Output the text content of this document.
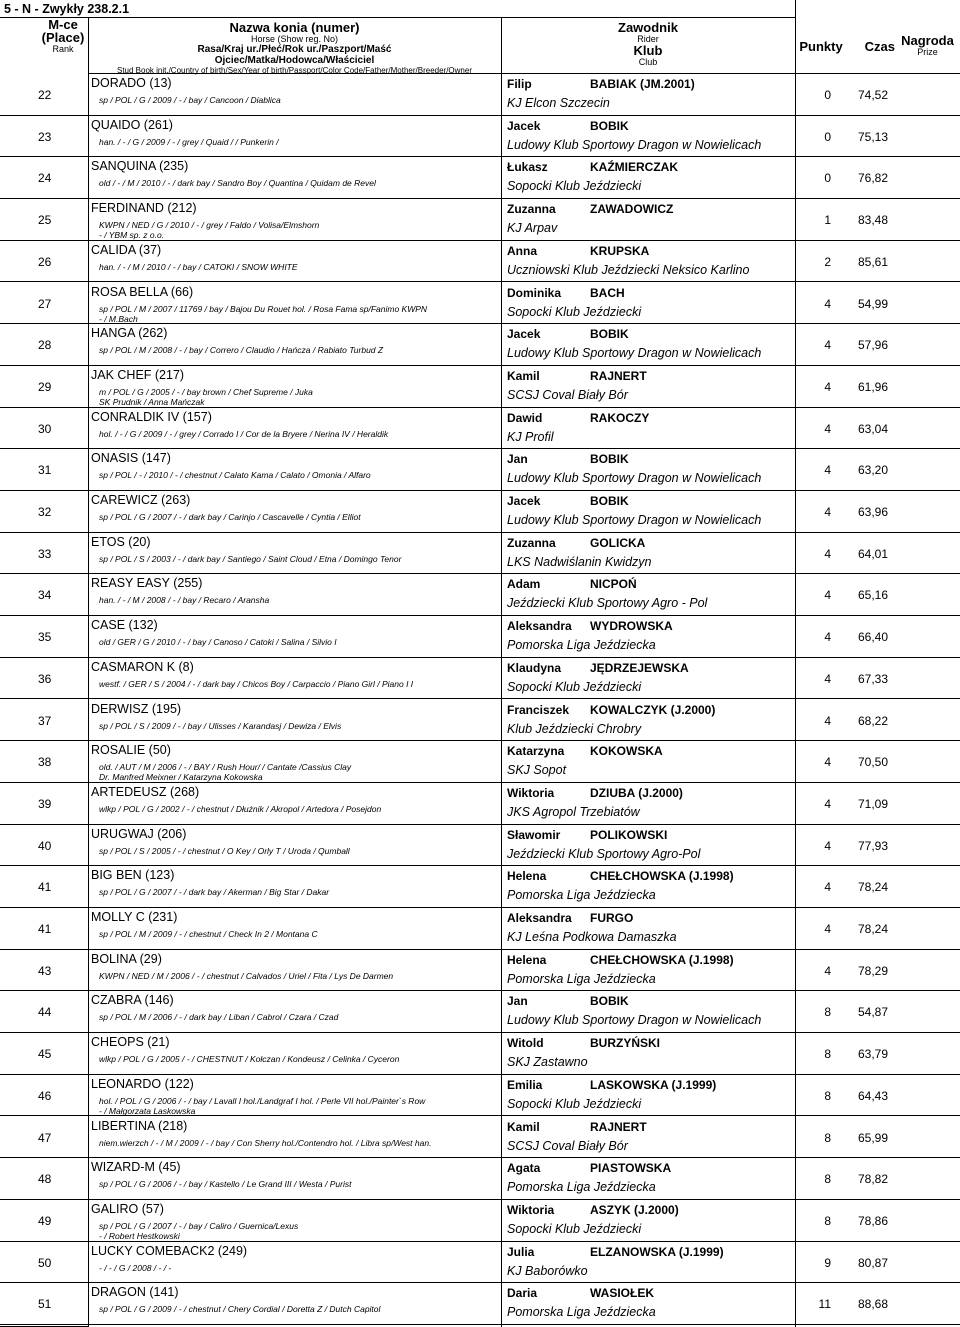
5 - N - Zwykły 238.2.1
M-ce (Place)
Rank
Nazwa konia (numer)
Horse (Show reg. No)
Rasa/Kraj ur./Płeć/Rok ur./Paszport/Maść
Ojciec/Matka/Hodowca/Właściciel
Stud Book init./Country of birth/Sex/Year of birth/Passport/Color Code/Father/Mother/Breeder/Owner
Zawodnik
Rider
Klub
Club
Punkty	Czas Nagroda
Prize
22
DORADO (13)
sp / POL / G / 2009 / - / bay / Cancoon / Diablica
Filip	BABIAK (JM.2001)
KJ Elcon Szczecin
0	74,52
23
QUAIDO (261)
han. / - / G / 2009 / - / grey / Quaid / / Punkerin /
Jacek	BOBIK
Ludowy Klub Sportowy Dragon w Nowielicach
0	75,13
24
SANQUINA (235)
old / - / M / 2010 / - / dark bay / Sandro Boy / Quantina / Quidam de Revel
Łukasz	KAŹMIERCZAK
Sopocki Klub Jeździecki
0	76,82
25
FERDINAND (212)
KWPN / NED / G / 2010 / - / grey / Faldo / Volisa/Elmshorn
- / YBM sp. z o.o.
Zuzanna	ZAWADOWICZ
KJ Arpav
1	83,48
26
CALIDA (37)
han. / - / M / 2010 / - / bay / CATOKI / SNOW WHITE
Anna	KRUPSKA
Uczniowski Klub Jeździecki Neksico Karlino
2	85,61
27
ROSA BELLA (66)
sp / POL / M / 2007 / 11769 / bay / Bajou Du Rouet hol. / Rosa Fama sp/Fanimo KWPN
- / M.Bach
Dominika BACH
Sopocki Klub Jeździecki
4	54,99
28
HANGA (262)
sp / POL / M / 2008 / - / bay / Correro / Claudio / Hańcza / Rabiato Turbud Z
Jacek	BOBIK
Ludowy Klub Sportowy Dragon w Nowielicach
4	57,96
29
JAK CHEF (217)
m / POL / G / 2005 / - / bay brown / Chef Supreme / Juka
SK Prudnik / Anna Mańczak
Kamil	RAJNERT
SCSJ Coval Biały Bór
4	61,96
30
CONRALDIK IV (157)
hol. / - / G / 2009 / - / grey / Corrado I / Cor de la Bryere / Nerina IV / Heraldik
Dawid	RAKOCZY
KJ Profil
4	63,04
31
ONASIS (147)
sp / POL / - / 2010 / - / chestnut / Calato Kama / Calato / Omonia / Alfaro
Jan	BOBIK
Ludowy Klub Sportowy Dragon w Nowielicach
4	63,20
32
CAREWICZ (263)
sp / POL / G / 2007 / - / dark bay / Carinjo / Cascavelle / Cyntia / Elliot
Jacek	BOBIK
Ludowy Klub Sportowy Dragon w Nowielicach
4	63,96
33
ETOS (20)
sp / POL / S / 2003 / - / dark bay / Santiego / Saint Cloud / Etna / Domingo Tenor
Zuzanna	GOLICKA
LKS Nadwiślanin Kwidzyn
4	64,01
34
REASY EASY (255)
han. / - / M / 2008 / - / bay / Recaro / Aransha
Adam	NICPOŃ
Jeździecki Klub Sportowy Agro - Pol
4	65,16
35
CASE (132)
old / GER / G / 2010 / - / bay / Canoso / Catoki / Salina / Silvio I
Aleksandra WYDROWSKA
Pomorska Liga Jeździecka
4	66,40
36
CASMARON K (8)
westf. / GER / S / 2004 / - / dark bay / Chicos Boy / Carpaccio / Piano Girl / Piano I I
Klaudyna JĘDRZEJEWSKA
Sopocki Klub Jeździecki
4	67,33
37
DERWISZ (195)
sp / POL / S / 2009 / - / bay / Ulisses / Karandasj / Dewiza / Elvis
Franciszek KOWALCZYK (J.2000)
Klub Jeździecki Chrobry
4	68,22
38
ROSALIE (50)
old. / AUT / M / 2006 / - / BAY / Rush Hour/ / Cantate /Cassius Clay
Dr. Manfred Meixner / Katarzyna Kokowska
Katarzyna KOKOWSKA
SKJ Sopot
4	70,50
39
ARTEDEUSZ (268)
wlkp / POL / G / 2002 / - / chestnut / Dłużnik / Akropol / Artedora / Posejdon
Wiktoria	DZIUBA (J.2000)
JKS Agropol Trzebiatów
4	71,09
40
URUGWAJ (206)
sp / POL / S / 2005 / - / chestnut / O Key / Orly T / Uroda / Qumball
Sławomir POLIKOWSKI
Jeździecki Klub Sportowy Agro-Pol
4	77,93
41
BIG BEN (123)
sp / POL / G / 2007 / - / dark bay / Akerman / Big Star / Dakar
Helena	CHEŁCHOWSKA (J.1998)
Pomorska Liga Jeździecka
4	78,24
41
MOLLY C (231)
sp / POL / M / 2009 / - / chestnut / Check In 2 / Montana C
Aleksandra FURGO
KJ Leśna Podkowa Damaszka
4	78,24
43
BOLINA (29)
KWPN / NED / M / 2006 / - / chestnut / Calvados / Uriel / Fita / Lys De Darmen
Helena	CHEŁCHOWSKA (J.1998)
Pomorska Liga Jeździecka
4	78,29
44
CZABRA (146)
sp / POL / M / 2006 / - / dark bay / Liban / Cabrol / Czara / Czad
Jan	BOBIK
Ludowy Klub Sportowy Dragon w Nowielicach
8	54,87
45
CHEOPS (21)
wlkp / POL / G / 2005 / - / CHESTNUT / Kołczan / Kondeusz / Celinka / Cyceron
Witold	BURZYŃSKI
SKJ Zastawno
8	63,79
46
LEONARDO (122)
hol. / POL / G / 2006 / - / bay / Lavall I hol./Landgraf I hol. / Perle VII hol./Painter`s Row
- / Małgorzata Laskowska
Emilia	LASKOWSKA (J.1999)
Sopocki Klub Jeździecki
8	64,43
47
LIBERTINA (218)
niem.wierzch / - / M / 2009 / - / bay / Con Sherry hol./Contendro hol. / Libra sp/West han.
Kamil	RAJNERT
SCSJ Coval Biały Bór
8	65,99
48
WIZARD-M (45)
sp / POL / G / 2006 / - / bay / Kastello / Le Grand III / Westa / Purist
Agata	PIASTOWSKA
Pomorska Liga Jeździecka
8	78,82
49
GALIRO (57)
sp / POL / G / 2007 / - / bay / Caliro / Guernica/Lexus
- / Robert Hestkowski
Wiktoria	ASZYK (J.2000)
Sopocki Klub Jeździecki
8	78,86
50
LUCKY COMEBACK2 (249)
- / - / G / 2008 / - / -
Julia	ELZANOWSKA (J.1999)
KJ Baborówko
9	80,87
51
DRAGON (141)
sp / POL / G / 2009 / - / chestnut / Chery Cordial / Doretta Z / Dutch Capitol
Daria	WASIOŁEK
Pomorska Liga Jeździecka
11	88,68
